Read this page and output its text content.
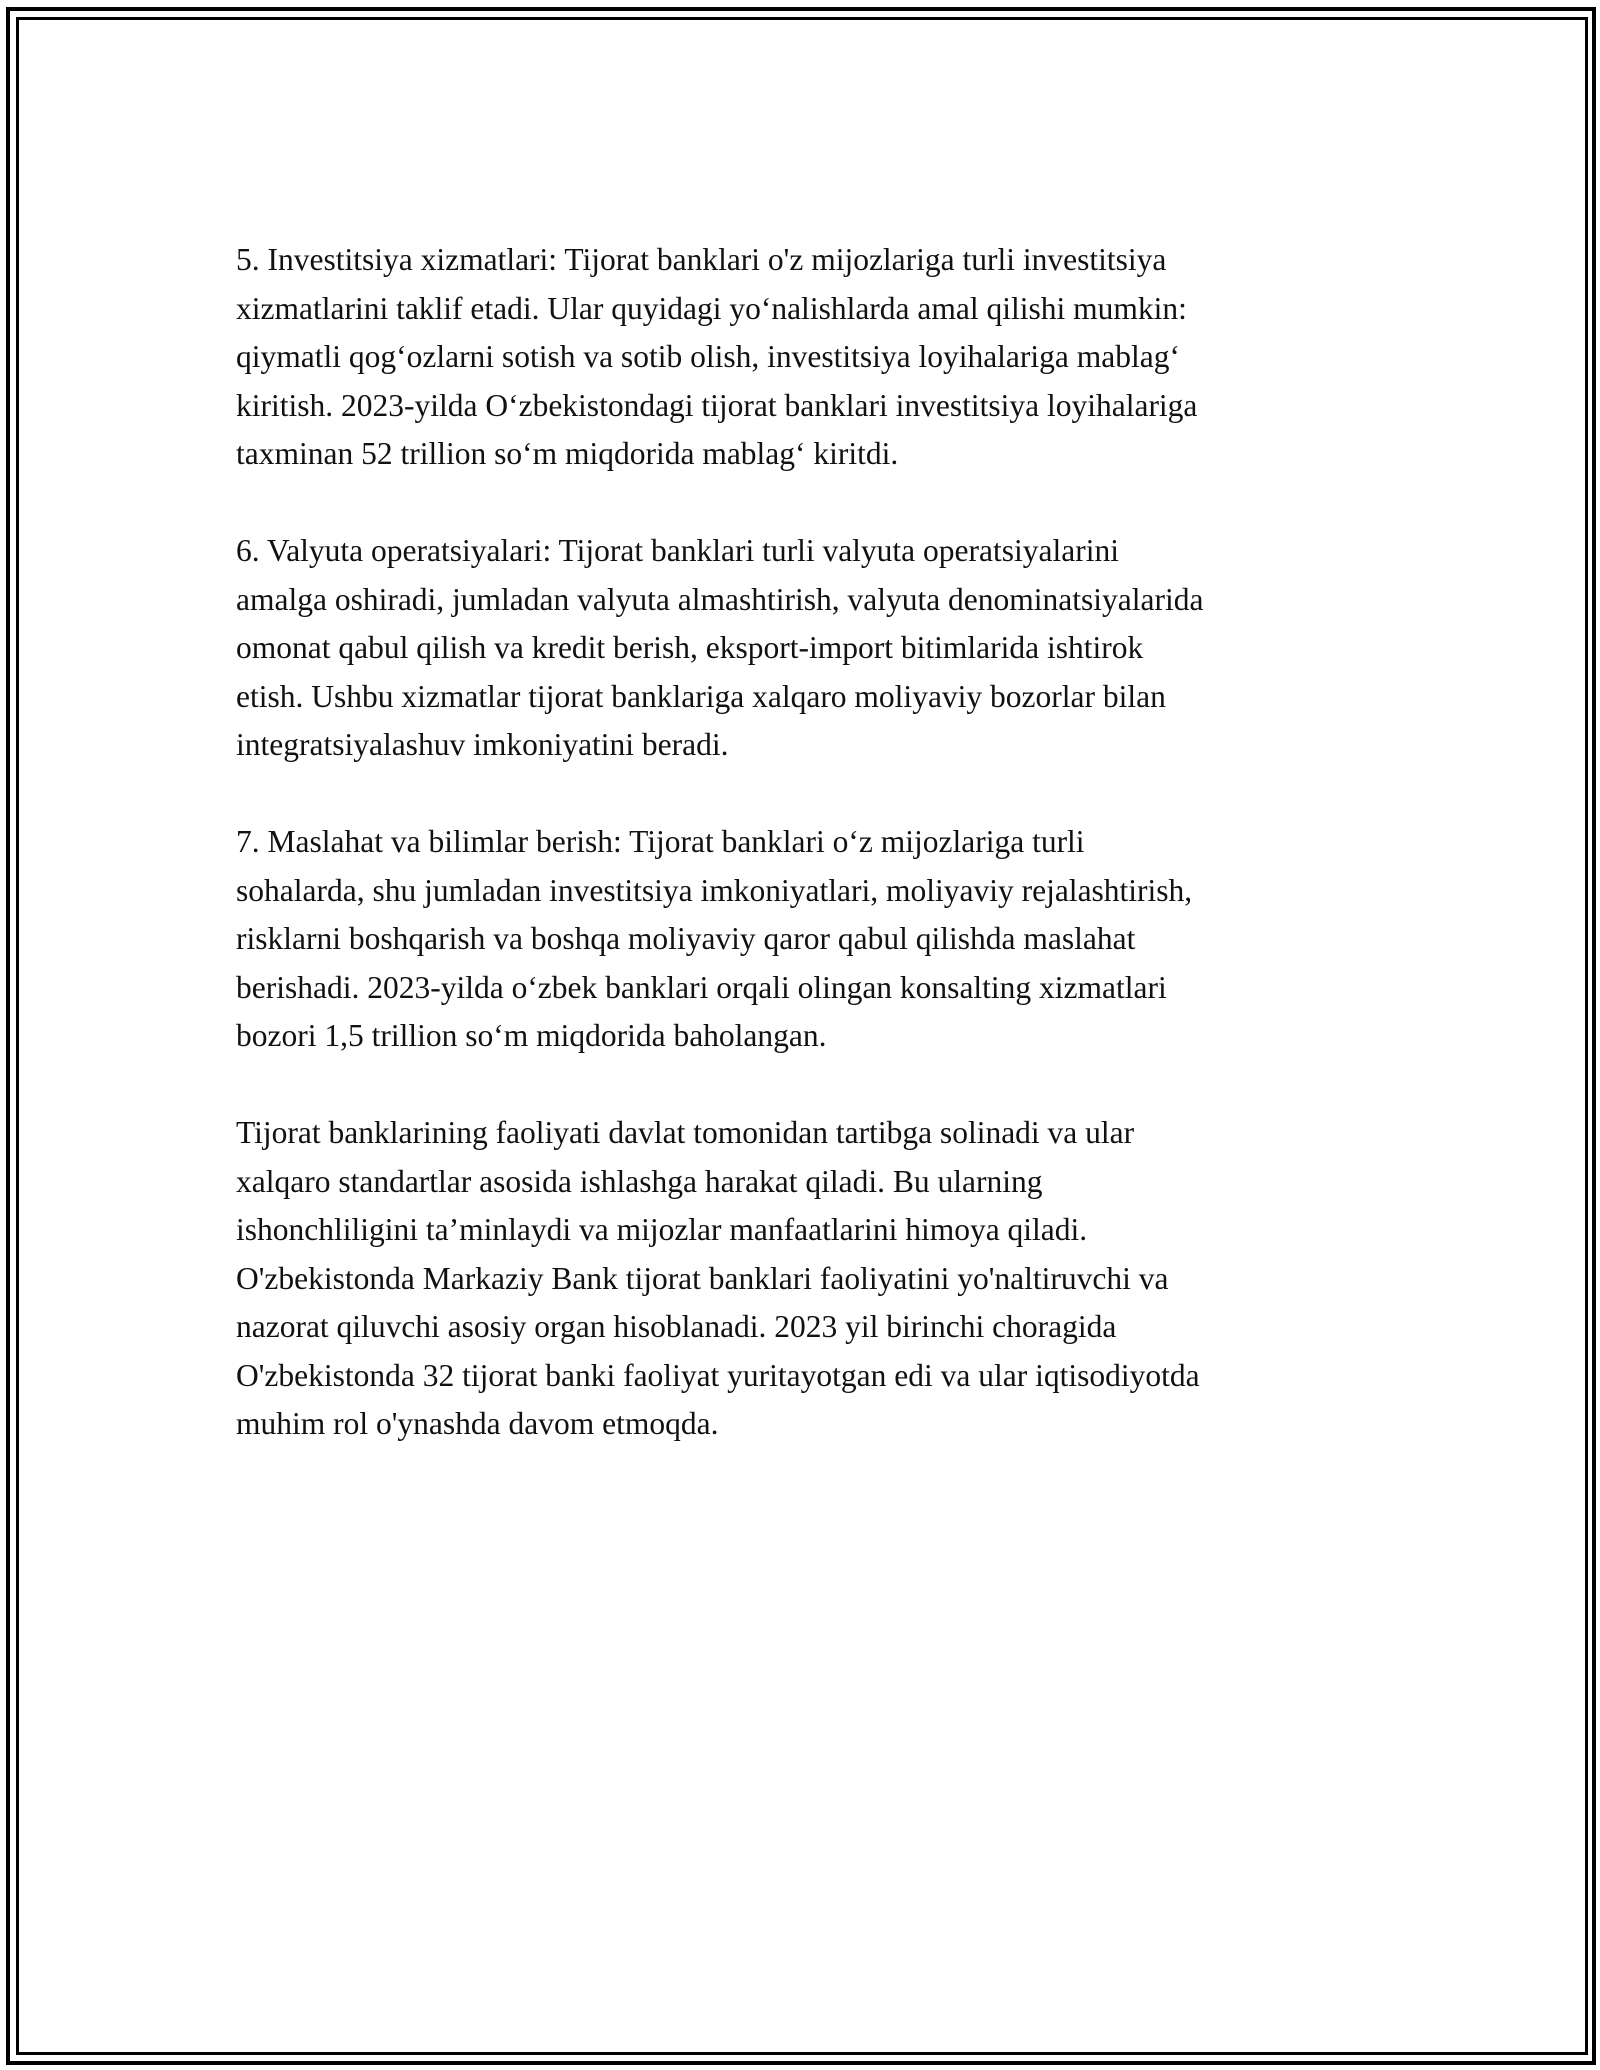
5. Investitsiya xizmatlari: Tijorat banklari o'z mijozlariga turli investitsiya
xizmatlarini taklif etadi. Ular quyidagi yo‘nalishlarda amal qilishi mumkin:
qiymatli qog‘ozlarni sotish va sotib olish, investitsiya loyihalariga mablag‘
kiritish. 2023-yilda O‘zbekistondagi tijorat banklari investitsiya loyihalariga
taxminan 52 trillion so‘m miqdorida mablag‘ kiritdi.

6. Valyuta operatsiyalari: Tijorat banklari turli valyuta operatsiyalarini
amalga oshiradi, jumladan valyuta almashtirish, valyuta denominatsiyalarida
omonat qabul qilish va kredit berish, eksport-import bitimlarida ishtirok
etish. Ushbu xizmatlar tijorat banklariga xalqaro moliyaviy bozorlar bilan
integratsiyalashuv imkoniyatini beradi.

7. Maslahat va bilimlar berish: Tijorat banklari o‘z mijozlariga turli
sohalarda, shu jumladan investitsiya imkoniyatlari, moliyaviy rejalashtirish,
risklarni boshqarish va boshqa moliyaviy qaror qabul qilishda maslahat
berishadi. 2023-yilda o‘zbek banklari orqali olingan konsalting xizmatlari
bozori 1,5 trillion so‘m miqdorida baholangan.

Tijorat banklarining faoliyati davlat tomonidan tartibga solinadi va ular
xalqaro standartlar asosida ishlashga harakat qiladi. Bu ularning
ishonchliligini ta’minlaydi va mijozlar manfaatlarini himoya qiladi.
O'zbekistonda Markaziy Bank tijorat banklari faoliyatini yo'naltiruvchi va
nazorat qiluvchi asosiy organ hisoblanadi. 2023 yil birinchi choragida
O'zbekistonda 32 tijorat banki faoliyat yuritayotgan edi va ular iqtisodiyotda
muhim rol o'ynashda davom etmoqda.
